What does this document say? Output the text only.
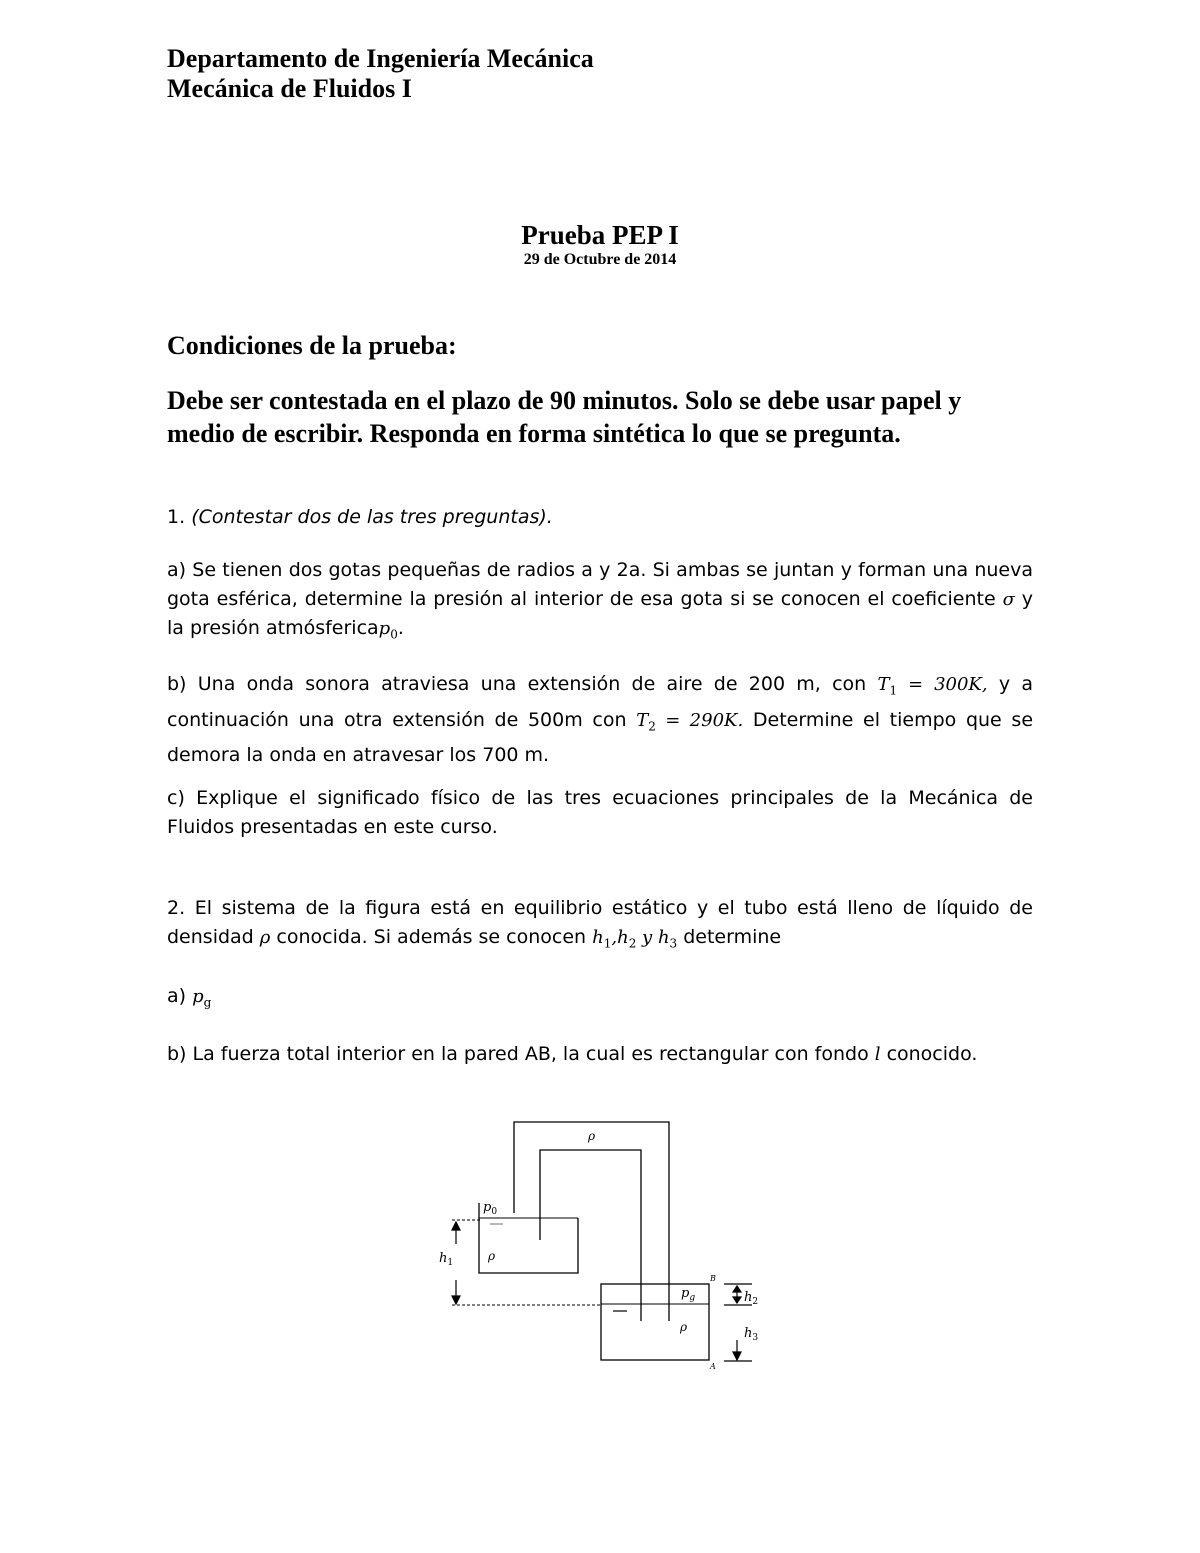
Departamento de Ingeniería Mecánica
Mecánica de Fluidos I
Prueba PEP I
29 de Octubre de 2014
Condiciones de la prueba:
Debe ser contestada en el plazo de 90 minutos. Solo se debe usar papel y medio de escribir. Responda en forma sintética lo que se pregunta.
1. (Contestar dos de las tres preguntas).
a) Se tienen dos gotas pequeñas de radios a y 2a. Si ambas se juntan y forman una nueva gota esférica, determine la presión al interior de esa gota si se conocen el coeficiente σ y la presión atmósfericap$_0$.
b) Una onda sonora atraviesa una extensión de aire de 200 m, con $T_1 = 300K$, y a continuación una otra extensión de 500m con $T_2 = 290K$. Determine el tiempo que se demora la onda en atravesar los 700 m.
c) Explique el significado físico de las tres ecuaciones principales de la Mecánica de Fluidos presentadas en este curso.
2. El sistema de la figura está en equilibrio estático y el tubo está lleno de líquido de densidad ρ conocida. Si además se conocen $h_1,h_2$ y $h_3$ determine
a) $p_g$
b) La fuerza total interior en la pared AB, la cual es rectangular con fondo l conocido.
ρ
$p_0$
ρ
$h_1$
$p_g$
ρ
B
A
$h_2$
$h_3$
